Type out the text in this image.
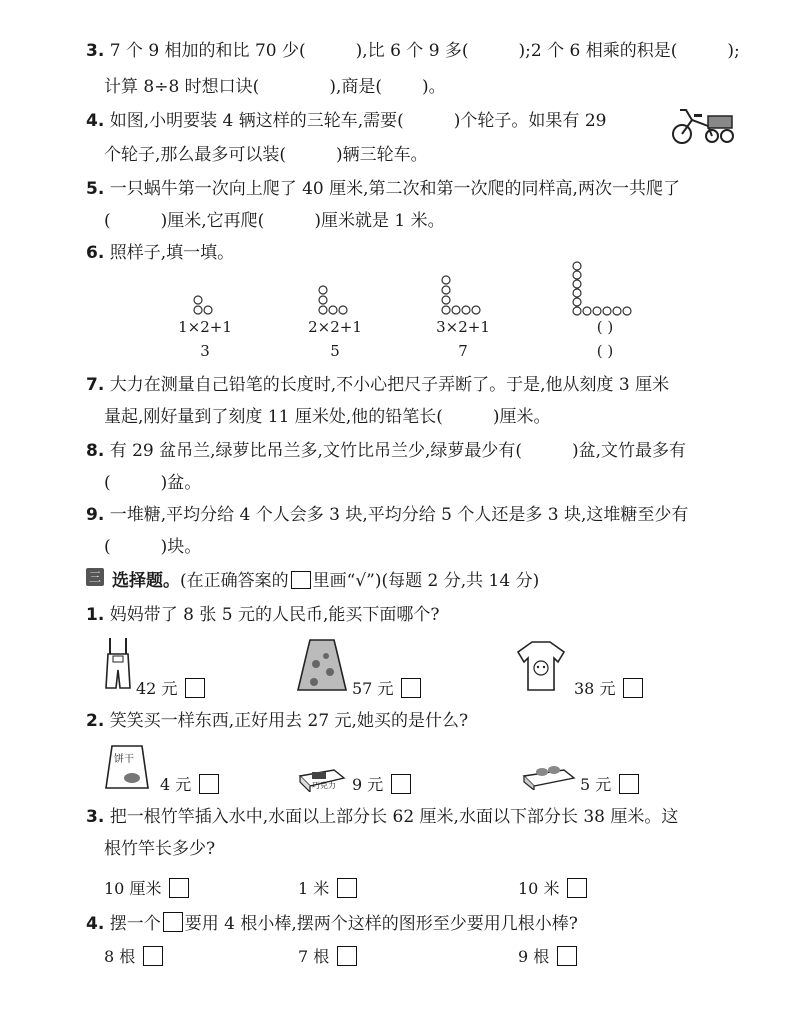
3. 7 个 9 相加的和比 70 少(	),比 6 个 9 多(	);2 个 6 相乘的积是(	);
计算 8÷8 时想口诀(	),商是( )。
4. 如图,小明要装 4 辆这样的三轮车,需要(	)个轮子。如果有 29
个轮子,那么最多可以装(	)辆三轮车。
5. 一只蜗牛第一次向上爬了 40 厘米,第二次和第一次爬的同样高,两次一共爬了
(	)厘米,它再爬(	)厘米就是 1 米。
6. 照样子,填一填。
1×2+1	2×2+1	3×2+1	( )
3	5	7	( )
7. 大力在测量自己铅笔的长度时,不小心把尺子弄断了。于是,他从刻度 3 厘米
量起,刚好量到了刻度 11 厘米处,他的铅笔长(	)厘米。
8. 有 29 盆吊兰,绿萝比吊兰多,文竹比吊兰少,绿萝最少有(	)盆,文竹最多有
(	)盆。
9. 一堆糖,平均分给 4 个人会多 3 块,平均分给 5 个人还是多 3 块,这堆糖至少有
(	)块。
三 选择题。(在正确答案的 里画“√”)(每题 2 分,共 14 分)
1. 妈妈带了 8 张 5 元的人民币,能买下面哪个?
42 元	57 元	38 元
2. 笑笑买一样东西,正好用去 27 元,她买的是什么?
饼干
4 元	巧克力 9 元	5 元
3. 把一根竹竿插入水中,水面以上部分长 62 厘米,水面以下部分长 38 厘米。这
根竹竿长多少?
10 厘米	1 米	10 米
4. 摆一个 要用 4 根小棒,摆两个这样的图形至少要用几根小棒?
8 根	7 根	9 根
